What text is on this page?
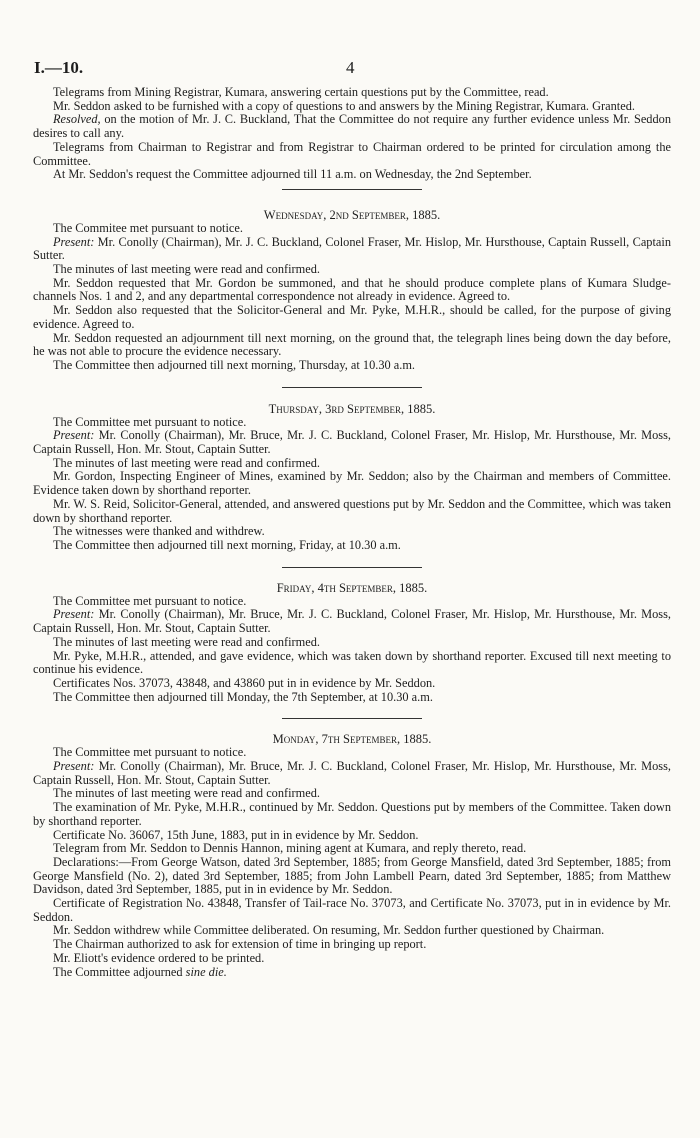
I.—10.	4

Telegrams from Mining Registrar, Kumara, answering certain questions put by the Committee, read.

Mr. Seddon asked to be furnished with a copy of questions to and answers by the Mining Registrar, Kumara. Granted.

Resolved, on the motion of Mr. J. C. Buckland, That the Committee do not require any further evidence unless Mr. Seddon desires to call any.

Telegrams from Chairman to Registrar and from Registrar to Chairman ordered to be printed for circulation among the Committee.

At Mr. Seddon's request the Committee adjourned till 11 a.m. on Wednesday, the 2nd September.

Wednesday, 2nd September, 1885.

The Commitee met pursuant to notice.

Present: Mr. Conolly (Chairman), Mr. J. C. Buckland, Colonel Fraser, Mr. Hislop, Mr. Hursthouse, Captain Russell, Captain Sutter.

The minutes of last meeting were read and confirmed.

Mr. Seddon requested that Mr. Gordon be summoned, and that he should produce complete plans of Kumara Sludge-channels Nos. 1 and 2, and any departmental correspondence not already in evidence. Agreed to.

Mr. Seddon also requested that the Solicitor-General and Mr. Pyke, M.H.R., should be called, for the purpose of giving evidence. Agreed to.

Mr. Seddon requested an adjournment till next morning, on the ground that, the telegraph lines being down the day before, he was not able to procure the evidence necessary.

The Committee then adjourned till next morning, Thursday, at 10.30 a.m.

Thursday, 3rd September, 1885.

The Committee met pursuant to notice.

Present: Mr. Conolly (Chairman), Mr. Bruce, Mr. J. C. Buckland, Colonel Fraser, Mr. Hislop, Mr. Hursthouse, Mr. Moss, Captain Russell, Hon. Mr. Stout, Captain Sutter.

The minutes of last meeting were read and confirmed.

Mr. Gordon, Inspecting Engineer of Mines, examined by Mr. Seddon; also by the Chairman and members of Committee. Evidence taken down by shorthand reporter.

Mr. W. S. Reid, Solicitor-General, attended, and answered questions put by Mr. Seddon and the Committee, which was taken down by shorthand reporter.

The witnesses were thanked and withdrew.

The Committee then adjourned till next morning, Friday, at 10.30 a.m.

Friday, 4th September, 1885.

The Committee met pursuant to notice.

Present: Mr. Conolly (Chairman), Mr. Bruce, Mr. J. C. Buckland, Colonel Fraser, Mr. Hislop, Mr. Hursthouse, Mr. Moss, Captain Russell, Hon. Mr. Stout, Captain Sutter.

The minutes of last meeting were read and confirmed.

Mr. Pyke, M.H.R., attended, and gave evidence, which was taken down by shorthand reporter. Excused till next meeting to continue his evidence.

Certificates Nos. 37073, 43848, and 43860 put in in evidence by Mr. Seddon.

The Committee then adjourned till Monday, the 7th September, at 10.30 a.m.

Monday, 7th September, 1885.

The Committee met pursuant to notice.

Present: Mr. Conolly (Chairman), Mr. Bruce, Mr. J. C. Buckland, Colonel Fraser, Mr. Hislop, Mr. Hursthouse, Mr. Moss, Captain Russell, Hon. Mr. Stout, Captain Sutter.

The minutes of last meeting were read and confirmed.

The examination of Mr. Pyke, M.H.R., continued by Mr. Seddon. Questions put by members of the Committee. Taken down by shorthand reporter.

Certificate No. 36067, 15th June, 1883, put in in evidence by Mr. Seddon.

Telegram from Mr. Seddon to Dennis Hannon, mining agent at Kumara, and reply thereto, read.

Declarations:—From George Watson, dated 3rd September, 1885; from George Mansfield, dated 3rd September, 1885; from George Mansfield (No. 2), dated 3rd September, 1885; from John Lambell Pearn, dated 3rd September, 1885; from Matthew Davidson, dated 3rd September, 1885, put in in evidence by Mr. Seddon.

Certificate of Registration No. 43848, Transfer of Tail-race No. 37073, and Certificate No. 37073, put in in evidence by Mr. Seddon.

Mr. Seddon withdrew while Committee deliberated. On resuming, Mr. Seddon further questioned by Chairman.

The Chairman authorized to ask for extension of time in bringing up report.

Mr. Eliott's evidence ordered to be printed.

The Committee adjourned sine die.
